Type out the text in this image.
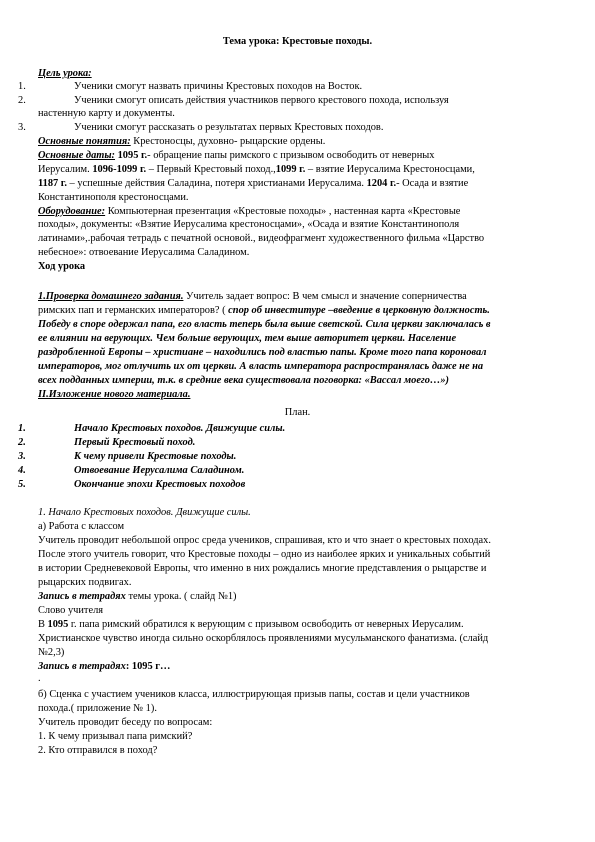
Тема урока: Крестовые походы.
Цель урока:
1.	Ученики смогут назвать причины Крестовых походов на Восток.
2.	Ученики смогут описать действия участников первого крестового похода, используя
настенную карту и документы.
3.	Ученики смогут рассказать о результатах первых Крестовых походов.
Основные понятия: Крестоносцы, духовно- рыцарские ордены.
Основные даты: 1095 г.- обращение папы римского с призывом освободить от неверных
Иерусалим. 1096-1099 г. – Первый Крестовый поход.,1099 г. – взятие Иерусалима Крестоносцами,
1187 г. – успешные действия Саладина, потеря христианами Иерусалима. 1204 г.- Осада и взятие
Константинополя крестоносцами.
Оборудование: Компьютерная презентация «Крестовые походы» , настенная карта «Крестовые
походы», документы: «Взятие Иерусалима крестоносцами», «Осада и взятие Константинополя
латинами»,.рабочая тетрадь с печатной основой., видеофрагмент художественного фильма «Царство
небесное»: отвоевание Иерусалима Саладином.
Ход урока
1.Проверка домашнего задания. Учитель задает вопрос: В чем смысл и значение соперничества
римских пап и германских императоров? ( спор об инвеституре –введение в церковную должность.
Победу в споре одержал папа, его власть теперь была выше светской. Сила церкви заключалась в
ее влиянии на верующих. Чем больше верующих, тем выше авторитет церкви. Население
раздробленной Европы – христиане – находились под властью папы. Кроме того папа короновал
императоров, мог отлучить их от церкви. А власть императора распространялась даже не на
всех подданных империи, т.к. в средние века существовала поговорка: «Вассал моего…»)
II.Изложение нового материала.
План.
1.	Начало Крестовых походов. Движущие силы.
2.	Первый Крестовый поход.
3.	К чему привели Крестовые походы.
4.	Отвоевание Иерусалима Саладином.
5.	Окончание эпохи Крестовых походов
1. Начало Крестовых походов. Движущие силы.
а) Работа с классом
Учитель проводит небольшой опрос среда учеников, спрашивая, кто и что знает о крестовых походах.
После этого учитель говорит, что Крестовые походы – одно из наиболее ярких и уникальных событий
в истории Средневековой Европы, что именно в них рождались многие представления о рыцарстве и
рыцарских подвигах.
Запись в тетрадях темы урока. ( слайд №1)
Слово учителя
В 1095 г. папа римский обратился к верующим с призывом освободить от неверных Иерусалим.
Христианское чувство иногда сильно оскорблялось проявлениями мусульманского фанатизма. (слайд
№2,3)
Запись в тетрадях: 1095 г…
.
б) Сценка с участием учеников класса, иллюстрирующая призыв папы, состав и цели участников
похода.( приложение № 1).
Учитель проводит беседу по вопросам:
1. К чему призывал папа римский?
2. Кто отправился в поход?
